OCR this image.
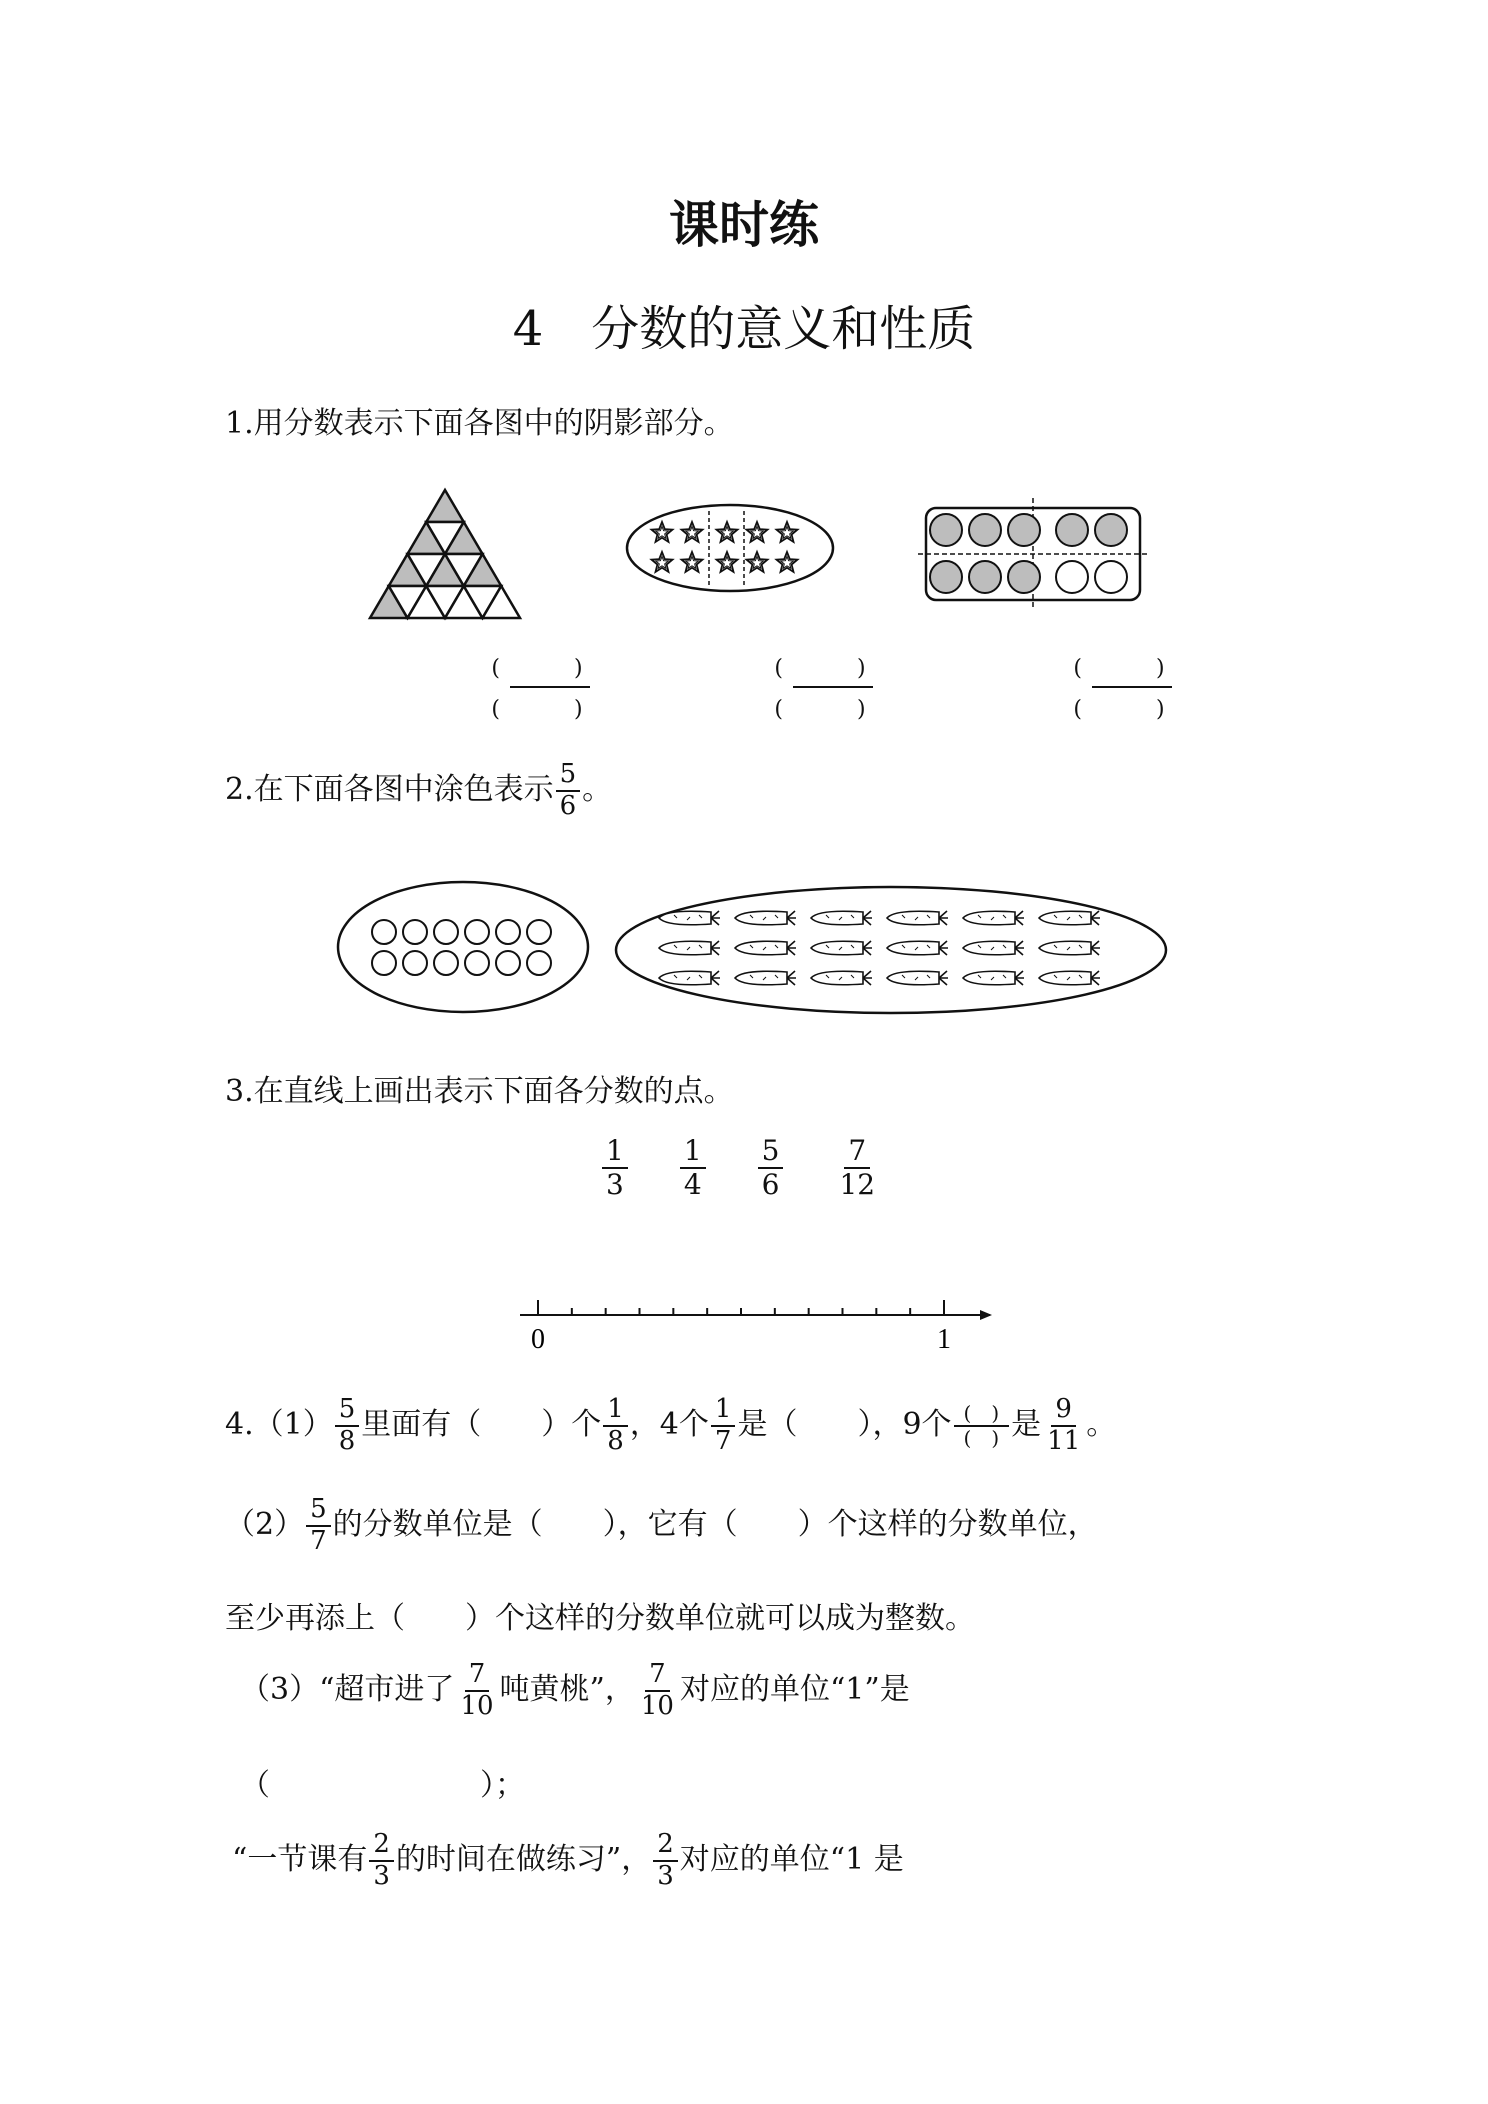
课时练
4　分数的意义和性质
1.用分数表示下面各图中的阴影部分。
(　)
(　)
(　)
(　)
(　)
(　)
2.在下面各图中涂色表示 $\frac{5}{6}$ 。
3.在直线上画出表示下面各分数的点。
$\frac{1}{3} \frac{1}{4} \frac{5}{6} \frac{7}{12}$
0	1
$4.(1) \frac{5}{8}$ 里面有（　　）个 $\frac{1}{8}$ ，4个 $\frac{1}{7}$ 是（　　），9个 $\frac{( )}{( )}$ 是 $\frac{9}{11}$ 。
$(2) \frac{5}{7}$ 的分数单位是（　　），它有（　　）个这样的分数单位，
至少再添上（　　）个这样的分数单位就可以成为整数。
（3）“超市进了 $\frac{7}{10}$ 吨黄桃”， $\frac{7}{10}$ 对应的单位“1”是
（　　　　　　　）；
“一节课有 $\frac{2}{3}$ 的时间在做练习”， $\frac{2}{3}$ 对应的单位“1 是
